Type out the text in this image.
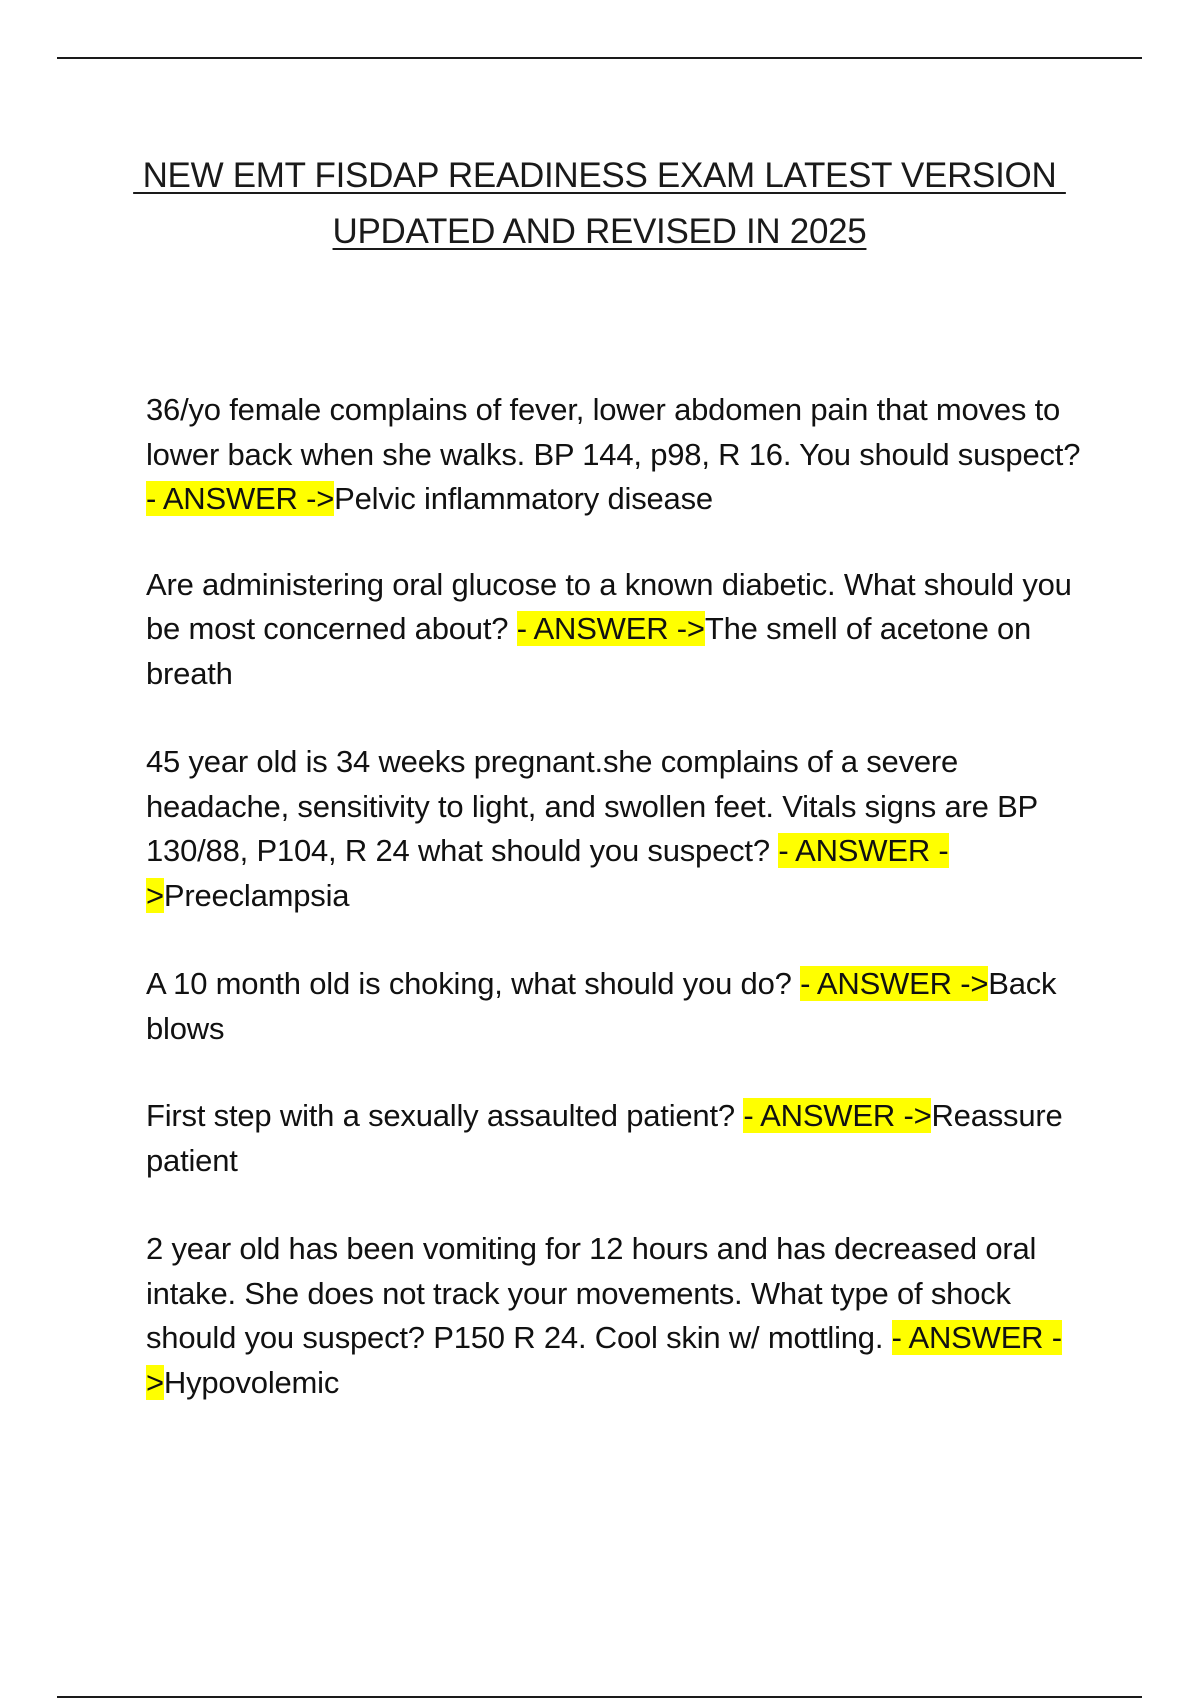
NEW EMT FISDAP READINESS EXAM LATEST VERSION
UPDATED AND REVISED IN 2025

36/yo female complains of fever, lower abdomen pain that moves to lower back when she walks. BP 144, p98, R 16. You should suspect? - ANSWER ->Pelvic inflammatory disease

Are administering oral glucose to a known diabetic. What should you be most concerned about? - ANSWER ->The smell of acetone on breath

45 year old is 34 weeks pregnant.she complains of a severe headache, sensitivity to light, and swollen feet. Vitals signs are BP 130/88, P104, R 24 what should you suspect? - ANSWER ->Preeclampsia

A 10 month old is choking, what should you do? - ANSWER ->Back blows

First step with a sexually assaulted patient? - ANSWER ->Reassure patient

2 year old has been vomiting for 12 hours and has decreased oral intake. She does not track your movements. What type of shock should you suspect? P150 R 24. Cool skin w/ mottling. - ANSWER ->Hypovolemic
